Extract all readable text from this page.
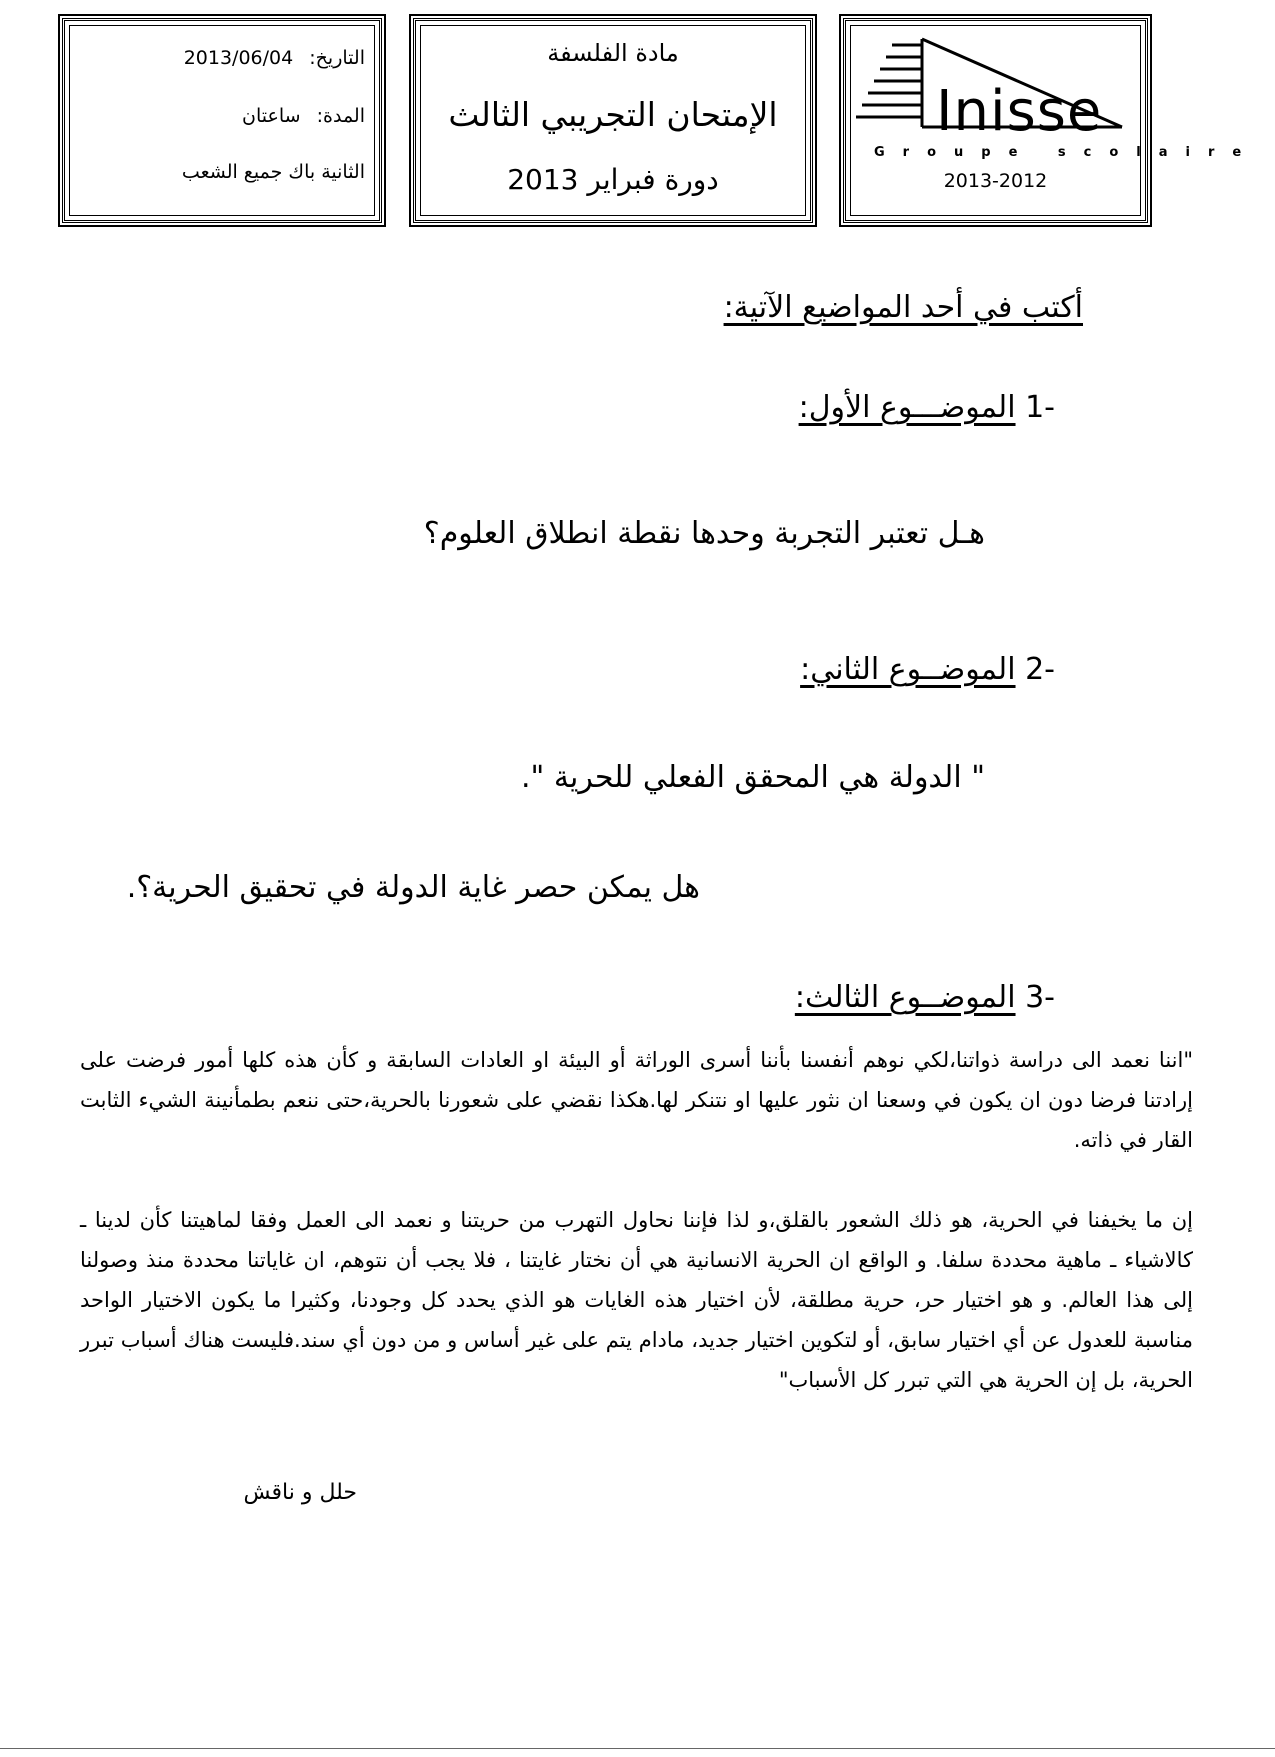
التاريخ: 2013/06/04
المدة: ساعتان
الثانية باك جميع الشعب
مادة الفلسفة
الإمتحان التجريبي الثالث
دورة فبراير 2013
Inisse
Groupe scolaire
2013-2012
أكتب في أحد المواضيع الآتية:
-1 الموضـــوع الأول:
هـل تعتبر التجربة وحدها نقطة انطلاق العلوم؟
-2 الموضــوع الثاني:
" الدولة هي المحقق الفعلي للحرية ".
هل يمكن حصر غاية الدولة في تحقيق الحرية؟.
-3 الموضــوع الثالث:
"اننا نعمد الى دراسة ذواتنا،لكي نوهم أنفسنا بأننا أسرى الوراثة أو البيئة او العادات السابقة و كأن هذه كلها أمور فرضت على إرادتنا فرضا دون ان يكون في وسعنا ان نثور عليها او نتنكر لها.هكذا نقضي على شعورنا بالحرية،حتى ننعم بطمأنينة الشيء الثابت القار في ذاته.
إن ما يخيفنا في الحرية، هو ذلك الشعور بالقلق،و لذا فإننا نحاول التهرب من حريتنا و نعمد الى العمل وفقا لماهيتنا كأن لدينا ـ كالاشياء ـ ماهية محددة سلفا. و الواقع ان الحرية الانسانية هي أن نختار غايتنا ، فلا يجب أن نتوهم، ان غاياتنا محددة منذ وصولنا إلى هذا العالم. و هو اختيار حر، حرية مطلقة، لأن اختيار هذه الغايات هو الذي يحدد كل وجودنا، وكثيرا ما يكون الاختيار الواحد مناسبة للعدول عن أي اختيار سابق، أو لتكوين اختيار جديد، مادام يتم على غير أساس و من دون أي سند.فليست هناك أسباب تبرر الحرية، بل إن الحرية هي التي تبرر كل الأسباب"
حلل و ناقش
